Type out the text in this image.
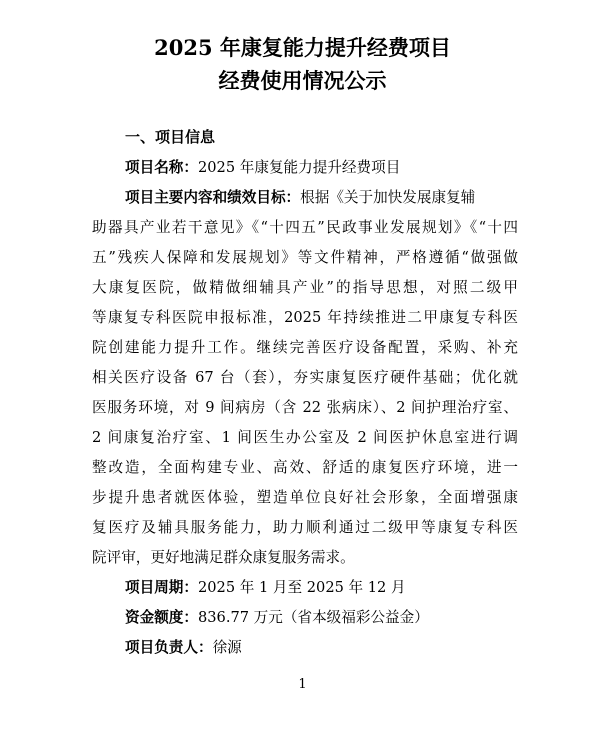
2025 年康复能力提升经费项目
经费使用情况公示
一、项目信息
项目名称：2025 年康复能力提升经费项目
项目主要内容和绩效目标：根据《关于加快发展康复辅
助器具产业若干意见》《“十四五”民政事业发展规划》《“十四
五”残疾人保障和发展规划》等文件精神，严格遵循“做强做
大康复医院，做精做细辅具产业”的指导思想，对照二级甲
等康复专科医院申报标准，2025 年持续推进二甲康复专科医
院创建能力提升工作。继续完善医疗设备配置，采购、补充
相关医疗设备 67 台（套），夯实康复医疗硬件基础；优化就
医服务环境，对 9 间病房（含 22 张病床）、2 间护理治疗室、
2 间康复治疗室、1 间医生办公室及 2 间医护休息室进行调
整改造，全面构建专业、高效、舒适的康复医疗环境，进一
步提升患者就医体验，塑造单位良好社会形象，全面增强康
复医疗及辅具服务能力，助力顺利通过二级甲等康复专科医
院评审，更好地满足群众康复服务需求。
项目周期：2025 年 1 月至 2025 年 12 月
资金额度：836.77 万元（省本级福彩公益金）
项目负责人：徐源
1
